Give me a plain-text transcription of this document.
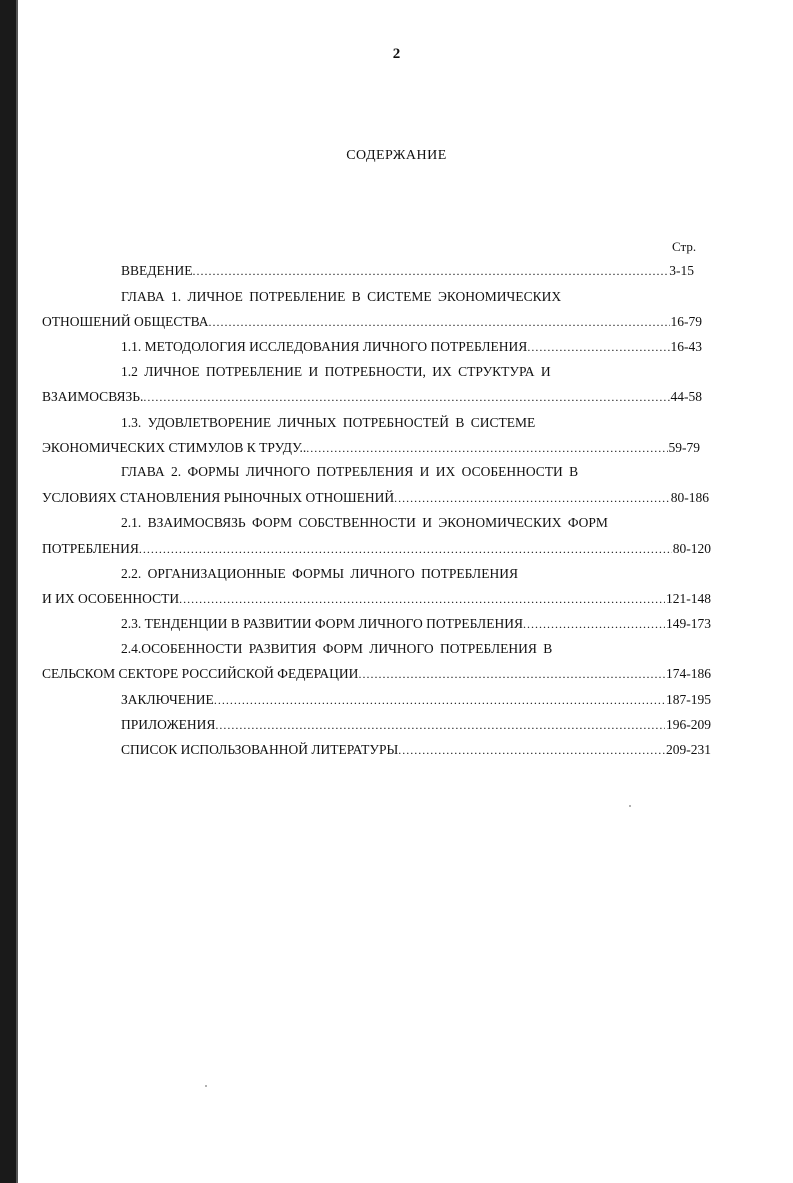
2
СОДЕРЖАНИЕ
Стр.
ВВЕДЕНИЕ .....	3-15
ГЛАВА 1. ЛИЧНОЕ ПОТРЕБЛЕНИЕ В СИСТЕМЕ ЭКОНОМИЧЕСКИХ
ОТНОШЕНИЙ ОБЩЕСТВА .....	16-79
1.1. МЕТОДОЛОГИЯ ИССЛЕДОВАНИЯ ЛИЧНОГО ПОТРЕБЛЕНИЯ .....	16-43
1.2 ЛИЧНОЕ ПОТРЕБЛЕНИЕ И ПОТРЕБНОСТИ, ИХ СТРУКТУРА И
ВЗАИМОСВЯЗЬ. .....	44-58
1.3. УДОВЛЕТВОРЕНИЕ ЛИЧНЫХ ПОТРЕБНОСТЕЙ В СИСТЕМЕ
ЭКОНОМИЧЕСКИХ СТИМУЛОВ К ТРУДУ.. .....	59-79
ГЛАВА 2. ФОРМЫ ЛИЧНОГО ПОТРЕБЛЕНИЯ И ИХ ОСОБЕННОСТИ В
УСЛОВИЯХ СТАНОВЛЕНИЯ РЫНОЧНЫХ ОТНОШЕНИЙ .....	80-186
2.1. ВЗАИМОСВЯЗЬ ФОРМ СОБСТВЕННОСТИ И ЭКОНОМИЧЕСКИХ ФОРМ
ПОТРЕБЛЕНИЯ .....	80-120
2.2. ОРГАНИЗАЦИОННЫЕ ФОРМЫ ЛИЧНОГО ПОТРЕБЛЕНИЯ
И ИХ ОСОБЕННОСТИ .....	121-148
2.3. ТЕНДЕНЦИИ В РАЗВИТИИ ФОРМ ЛИЧНОГО ПОТРЕБЛЕНИЯ .....	149-173
2.4.ОСОБЕННОСТИ РАЗВИТИЯ ФОРМ ЛИЧНОГО ПОТРЕБЛЕНИЯ В
СЕЛЬСКОМ СЕКТОРЕ РОССИЙСКОЙ ФЕДЕРАЦИИ .....	174-186
ЗАКЛЮЧЕНИЕ .....	187-195
ПРИЛОЖЕНИЯ .....	196-209
СПИСОК ИСПОЛЬЗОВАННОЙ ЛИТЕРАТУРЫ .....	209-231
